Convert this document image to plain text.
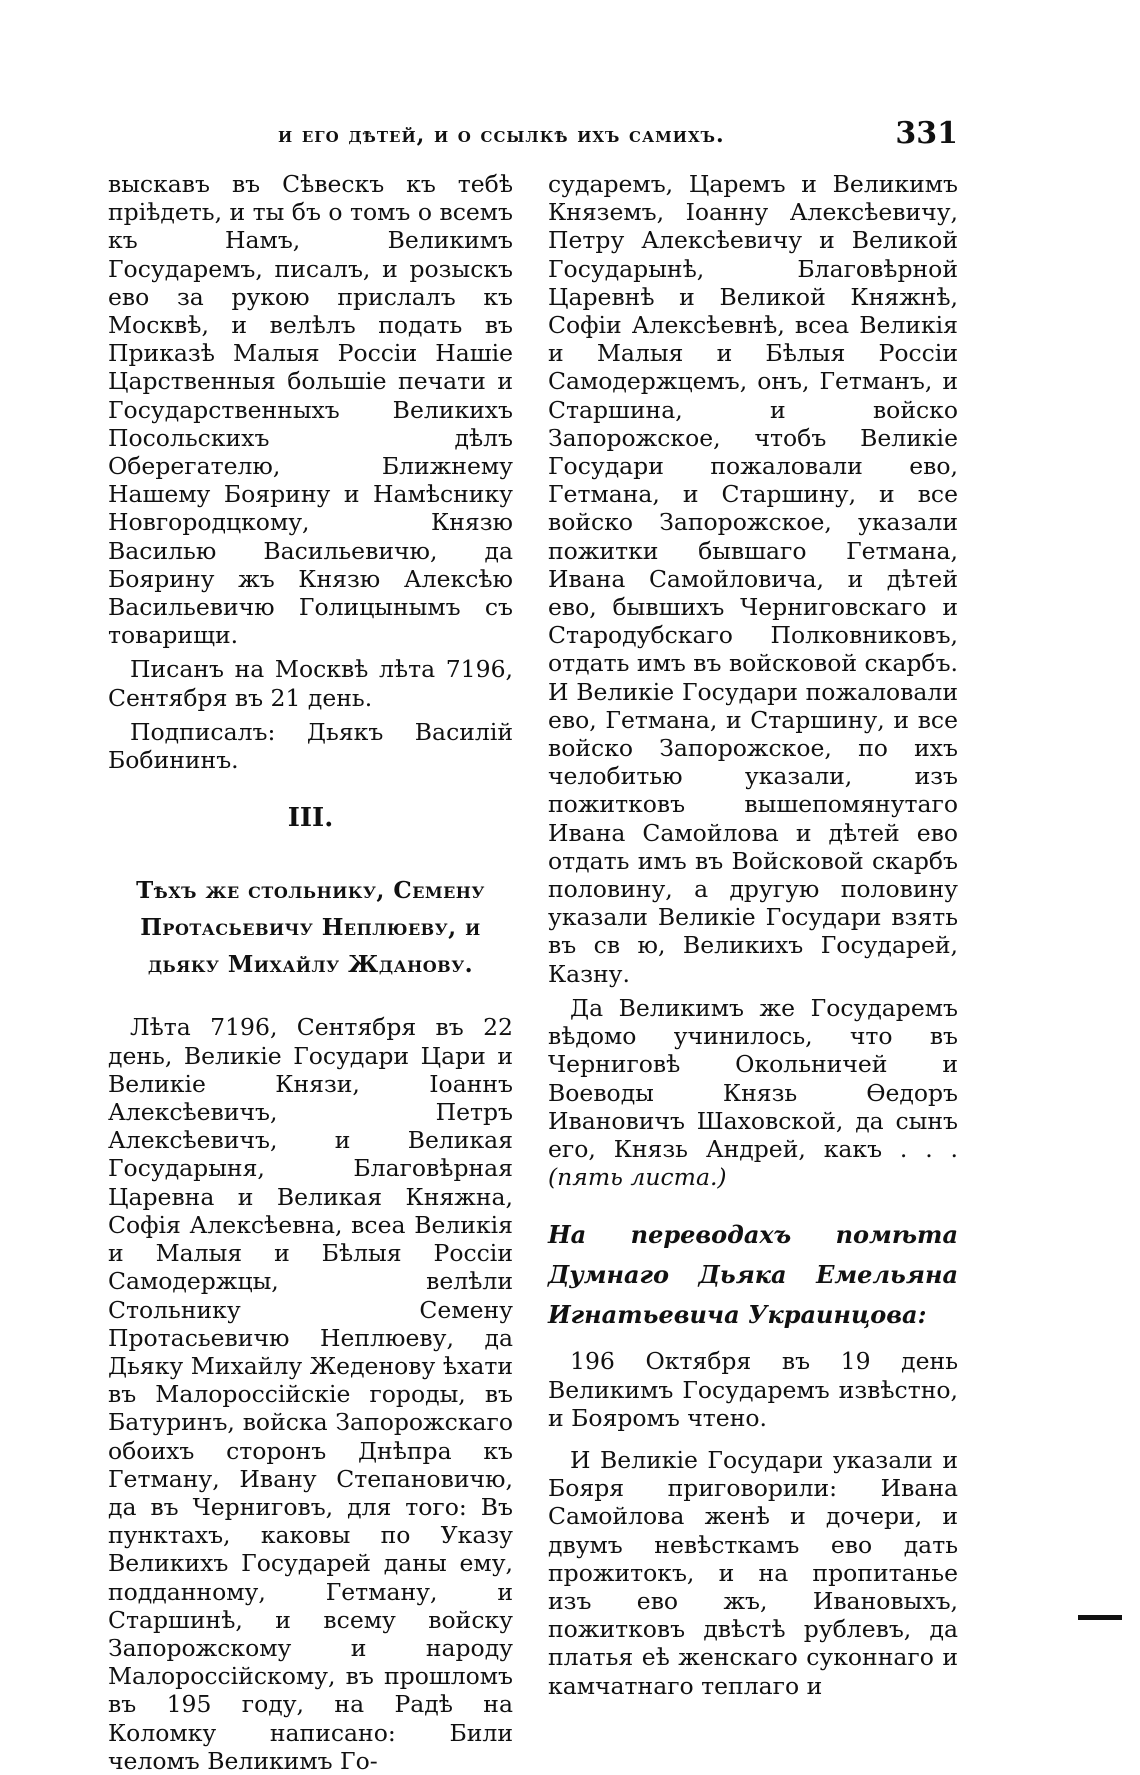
и его дѣтей, и о ссылкѣ ихъ самихъ.	331

выскавъ въ Сѣвескъ къ тебѣ пріѣдеть, и ты бъ о томъ о всемъ къ Намъ, Великимъ Государемъ, писалъ, и розыскъ ево за рукою прислалъ къ Москвѣ, и велѣлъ подать въ Приказѣ Малыя Россіи Нашіе Царственныя большіе печати и Государственныхъ Великихъ Посольскихъ дѣлъ Оберегателю, Ближнему Нашему Боярину и Намѣснику Новгородцкому, Князю Василью Васильевичю, да Боярину жъ Князю Алексѣю Васильевичю Голицынымъ съ товарищи.

Писанъ на Москвѣ лѣта 7196, Сентября въ 21 день.

Подписалъ: Дьякъ Василій Бобининъ.

III.

Тѣхъ же стольнику, Семену Протасьевичу Неплюеву, и дьяку Михайлу Жданову.

Лѣта 7196, Сентября въ 22 день, Великіе Государи Цари и Великіе Князи, Іоаннъ Алексѣевичъ, Петръ Алексѣевичъ, и Великая Государыня, Благовѣрная Царевна и Великая Княжна, Софія Алексѣевна, всеа Великія и Малыя и Бѣлыя Россіи Самодержцы, велѣли Стольнику Семену Протасьевичю Неплюеву, да Дьяку Михайлу Жеденову ѣхати въ Малороссійскіе городы, въ Батуринъ, войска Запорожскаго обоихъ сторонъ Днѣпра къ Гетману, Ивану Степановичю, да въ Черниговъ, для того: Въ пунктахъ, каковы по Указу Великихъ Государей даны ему, подданному, Гетману, и Старшинѣ, и всему войску Запорожскому и народу Малороссійскому, въ прошломъ въ 195 году, на Радѣ на Коломку написано: Били челомъ Великимъ Го-

сударемъ, Царемъ и Великимъ Княземъ, Іоанну Алексѣевичу, Петру Алексѣевичу и Великой Государынѣ, Благовѣрной Царевнѣ и Великой Княжнѣ, Софіи Алексѣевнѣ, всеа Великія и Малыя и Бѣлыя Россіи Самодержцемъ, онъ, Гетманъ, и Старшина, и войско Запорожское, чтобъ Великіе Государи пожаловали ево, Гетмана, и Старшину, и все войско Запорожское, указали пожитки бывшаго Гетмана, Ивана Самойловича, и дѣтей ево, бывшихъ Черниговскаго и Стародубскаго Полковниковъ, отдать имъ въ войсковой скарбъ. И Великіе Государи пожаловали ево, Гетмана, и Старшину, и все войско Запорожское, по ихъ челобитью указали, изъ пожитковъ вышепомянутаго Ивана Самойлова и дѣтей ево отдать имъ въ Войсковой скарбъ половину, а другую половину указали Великіе Государи взять въ св ю, Великихъ Государей, Казну.

Да Великимъ же Государемъ вѣдомо учинилось, что въ Черниговѣ Окольничей и Воеводы Князь Ѳедоръ Ивановичъ Шаховской, да сынъ его, Князь Андрей, какъ . . . (пять листа.)

На переводахъ помѣта Думнаго Дьяка Емельяна Игнатьевича Украинцова:

196 Октября въ 19 день Великимъ Государемъ извѣстно, и Бояромъ чтено.

И Великіе Государи указали и Бояря приговорили: Ивана Самойлова женѣ и дочери, и двумъ невѣсткамъ ево дать прожитокъ, и на пропитанье изъ ево жъ, Ивановыхъ, пожитковъ двѣстѣ рублевъ, да платья еѣ женскаго суконнаго и камчатнаго теплаго и
